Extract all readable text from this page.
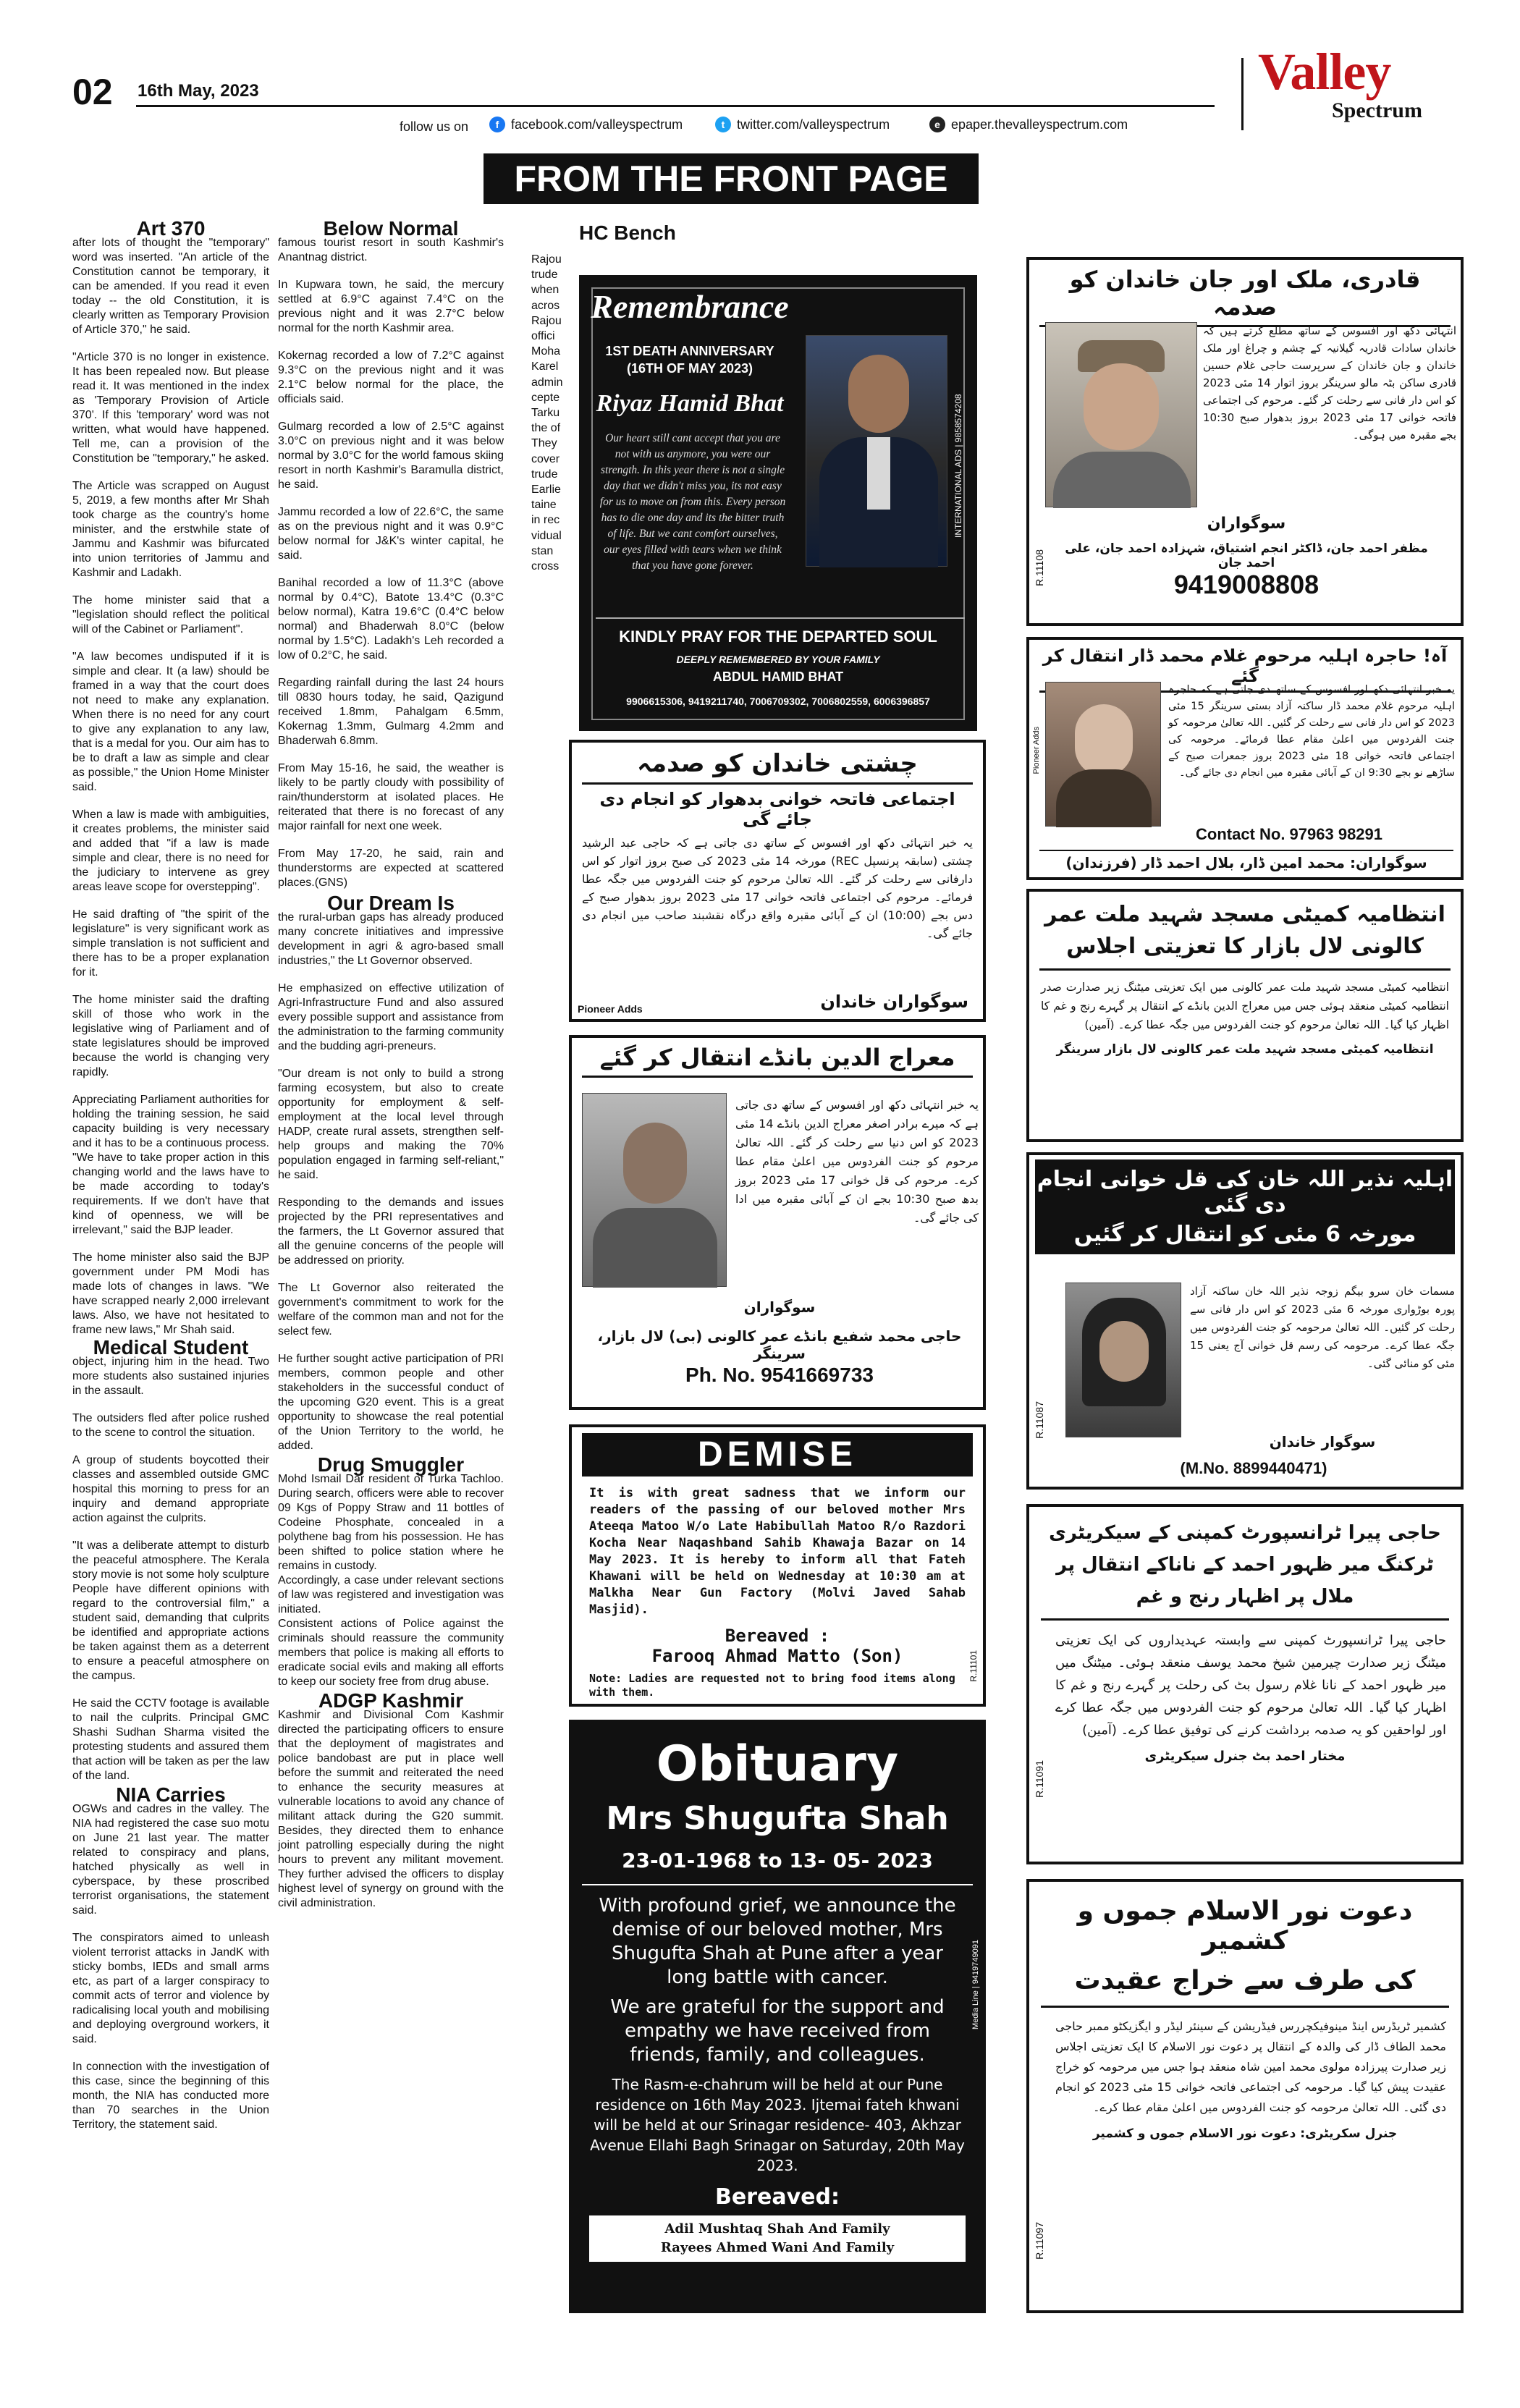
02 16th May, 2023	Valley
Spectrum
follow us on	f facebook.com/valleyspectrum	t twitter.com/valleyspectrum	e epaper.thevalleyspectrum.com
FROM THE FRONT PAGE
Art 370

after lots of thought the "temporary" word was inserted. "An article of the Constitution cannot be temporary, it can be amended. If you read it even today -- the old Constitution, it is clearly written as Temporary Provision of Article 370," he said.

"Article 370 is no longer in existence. It has been repealed now. But please read it. It was mentioned in the index as 'Temporary Provision of Article 370'. If this 'temporary' word was not written, what would have happened. Tell me, can a provision of the Constitution be "temporary," he asked.

The Article was scrapped on August 5, 2019, a few months after Mr Shah took charge as the country's home minister, and the erstwhile state of Jammu and Kashmir was bifurcated into union territories of Jammu and Kashmir and Ladakh.

The home minister said that a "legislation should reflect the political will of the Cabinet or Parliament".

"A law becomes undisputed if it is simple and clear. It (a law) should be framed in a way that the court does not need to make any explanation. When there is no need for any court to give any explanation to any law, that is a medal for you. Our aim has to be to draft a law as simple and clear as possible," the Union Home Minister said.

When a law is made with ambiguities, it creates problems, the minister said and added that "if a law is made simple and clear, there is no need for the judiciary to intervene as grey areas leave scope for overstepping".

He said drafting of "the spirit of the legislature" is very significant work as simple translation is not sufficient and there has to be a proper explanation for it.

The home minister said the drafting skill of those who work in the legislative wing of Parliament and of state legislatures should be improved because the world is changing very rapidly.

Appreciating Parliament authorities for holding the training session, he said capacity building is very necessary and it has to be a continuous process. "We have to take proper action in this changing world and the laws have to be made according to today's requirements. If we don't have that kind of openness, we will be irrelevant," said the BJP leader.

The home minister also said the BJP government under PM Modi has made lots of changes in laws. "We have scrapped nearly 2,000 irrelevant laws. Also, we have not hesitated to frame new laws," Mr Shah said.

Medical Student

object, injuring him in the head. Two more students also sustained injuries in the assault.

The outsiders fled after police rushed to the scene to control the situation.

A group of students boycotted their classes and assembled outside GMC hospital this morning to press for an inquiry and demand appropriate action against the culprits.

"It was a deliberate attempt to disturb the peaceful atmosphere. The Kerala story movie is not some holy sculpture People have different opinions with regard to the controversial film," a student said, demanding that culprits be identified and appropriate actions be taken against them as a deterrent to ensure a peaceful atmosphere on the campus.

He said the CCTV footage is available to nail the culprits. Principal GMC Shashi Sudhan Sharma visited the protesting students and assured them that action will be taken as per the law of the land.

NIA Carries

OGWs and cadres in the valley. The NIA had registered the case suo motu on June 21 last year. The matter related to conspiracy and plans, hatched physically as well in cyberspace, by these proscribed terrorist organisations, the statement said.

The conspirators aimed to unleash violent terrorist attacks in JandK with sticky bombs, IEDs and small arms etc, as part of a larger conspiracy to commit acts of terror and violence by radicalising local youth and mobilising and deploying overground workers, it said.

In connection with the investigation of this case, since the beginning of this month, the NIA has conducted more than 70 searches in the Union Territory, the statement said.

Below Normal

famous tourist resort in south Kashmir's Anantnag district.

In Kupwara town, he said, the mercury settled at 6.9°C against 7.4°C on the previous night and it was 2.7°C below normal for the north Kashmir area.

Kokernag recorded a low of 7.2°C against 9.3°C on the previous night and it was 2.1°C below normal for the place, the officials said.

Gulmarg recorded a low of 2.5°C against 3.0°C on previous night and it was below normal by 3.0°C for the world famous skiing resort in north Kashmir's Baramulla district, he said.

Jammu recorded a low of 22.6°C, the same as on the previous night and it was 0.9°C below normal for J&K's winter capital, he said.

Banihal recorded a low of 11.3°C (above normal by 0.4°C), Batote 13.4°C (0.3°C below normal), Katra 19.6°C (0.4°C below normal) and Bhaderwah 8.0°C (below normal by 1.5°C). Ladakh's Leh recorded a low of 0.2°C, he said.

Regarding rainfall during the last 24 hours till 0830 hours today, he said, Qazigund received 1.8mm, Pahalgam 6.5mm, Kokernag 1.3mm, Gulmarg 4.2mm and Bhaderwah 6.8mm.

From May 15-16, he said, the weather is likely to be partly cloudy with possibility of rain/thunderstorm at isolated places. He reiterated that there is no forecast of any major rainfall for next one week.

From May 17-20, he said, rain and thunderstorms are expected at scattered places.(GNS)

Our Dream Is

the rural-urban gaps has already produced many concrete initiatives and impressive development in agri & agro-based small industries," the Lt Governor observed.

He emphasized on effective utilization of Agri-Infrastructure Fund and also assured every possible support and assistance from the administration to the farming community and the budding agri-preneurs.

"Our dream is not only to build a strong farming ecosystem, but also to create opportunity for employment & self-employment at the local level through HADP, create rural assets, strengthen self-help groups and making the 70% population engaged in farming self-reliant," he said.

Responding to the demands and issues projected by the PRI representatives and the farmers, the Lt Governor assured that all the genuine concerns of the people will be addressed on priority.

The Lt Governor also reiterated the government's commitment to work for the welfare of the common man and not for the select few.

He further sought active participation of PRI members, common people and other stakeholders in the successful conduct of the upcoming G20 event. This is a great opportunity to showcase the real potential of the Union Territory to the world, he added.

Drug Smuggler

Mohd Ismail Dar resident of Turka Tachloo. During search, officers were able to recover 09 Kgs of Poppy Straw and 11 bottles of Codeine Phosphate, concealed in a polythene bag from his possession. He has been shifted to police station where he remains in custody.

Accordingly, a case under relevant sections of law was registered and investigation was initiated.

Consistent actions of Police against the criminals should reassure the community members that police is making all efforts to eradicate social evils and making all efforts to keep our society free from drug abuse.

ADGP Kashmir

Kashmir and Divisional Com Kashmir directed the participating officers to ensure that the deployment of magistrates and police bandobast are put in place well before the summit and reiterated the need to enhance the security measures at vulnerable locations to avoid any chance of militant attack during the G20 summit. Besides, they directed them to enhance joint patrolling especially during the night hours to prevent any militant movement. They further advised the officers to display highest level of synergy on ground with the civil administration.

HC Bench
Rajou
trude
when
acros
Rajou
offici
Moha
Karel
admin
cepte
Tarku
the of
They
cover
trude
Earlie
taine
in rec
vidual
stan
cross
Remembrance
1ST DEATH ANNIVERSARY
(16TH OF MAY 2023)
Riyaz Hamid Bhat
Our heart still cant accept that you are not with us anymore, you were our strength. In this year there is not a single day that we didn't miss you, its not easy for us to move on from this. Every person has to die one day and its the bitter truth of life. But we cant comfort ourselves, our eyes filled with tears when we think that you have gone forever.
INTERNATIONAL ADS | 9858574208
KINDLY PRAY FOR THE DEPARTED SOUL
DEEPLY REMEMBERED BY YOUR FAMILY
ABDUL HAMID BHAT
9906615306, 9419211740, 7006709302, 7006802559, 6006396857
چشتی خاندان کو صدمہ
اجتماعی فاتحہ خوانی بدھوار کو انجام دی جائے گی
یہ خبر انتہائی دکھ اور افسوس کے ساتھ دی جاتی ہے کہ حاجی عبد الرشید چشتی (سابقہ پرنسپل REC) مورخہ 14 مئی 2023 کی صبح بروز اتوار کو اس دارفانی سے رحلت کر گئے۔ اللہ تعالیٰ مرحوم کو جنت الفردوس میں جگہ عطا فرمائے۔ مرحوم کی اجتماعی فاتحہ خوانی 17 مئی 2023 بروز بدھوار صبح کے دس بجے (10:00) ان کے آبائی مقبرہ واقع درگاہ نقشبند صاحب میں انجام دی جائے گی۔
سوگواران خاندان
Pioneer Adds
معراج الدین بانڈے انتقال کر گئے
یہ خبر انتہائی دکھ اور افسوس کے ساتھ دی جاتی ہے کہ میرے برادر اصغر معراج الدین بانڈے 14 مئی 2023 کو اس دنیا سے رحلت کر گئے۔ اللہ تعالیٰ مرحوم کو جنت الفردوس میں اعلیٰ مقام عطا کرے۔ مرحوم کی قل خوانی 17 مئی 2023 بروز بدھ صبح 10:30 بجے ان کے آبائی مقبرہ میں ادا کی جائے گی۔
سوگواران
حاجی محمد شفیع بانڈے عمر کالونی (بی) لال بازار، سرینگر
Ph. No. 9541669733
DEMISE
It is with great sadness that we inform our readers of the passing of our beloved mother Mrs Ateeqa Matoo W/o Late Habibullah Matoo R/o Razdori Kocha Near Naqashband Sahib Khawaja Bazar on 14 May 2023. It is hereby to inform all that Fateh Khawani will be held on Wednesday at 10:30 am at Malkha Near Gun Factory (Molvi Javed Sahab Masjid).
Bereaved :
Farooq Ahmad Matto (Son)
Note: Ladies are requested not to bring food items along with them.
R.11101
Obituary
Mrs Shugufta Shah
23-01-1968 to 13- 05- 2023
With profound grief, we announce the demise of our beloved mother, Mrs Shugufta Shah at Pune after a year long battle with cancer.
We are grateful for the support and empathy we have received from friends, family, and colleagues.
The Rasm-e-chahrum will be held at our Pune residence on 16th May 2023. Ijtemai fateh khwani will be held at our Srinagar residence- 403, Akhzar Avenue Ellahi Bagh Srinagar on Saturday, 20th May 2023.
Bereaved:
Adil Mushtaq Shah And Family
Rayees Ahmed Wani And Family
Media Line | 9419749091
قادری، ملک اور جان خاندان کو صدمہ
انتہائی دکھ اور افسوس کے ساتھ مطلع کرتے ہیں کہ خاندان سادات قادریہ گیلانیہ کے چشم و چراغ اور ملک خاندان و جان خاندان کے سرپرست حاجی غلام حسین قادری ساکن بٹہ مالو سرینگر بروز اتوار 14 مئی 2023 کو اس دار فانی سے رحلت کر گئے۔ مرحوم کی اجتماعی فاتحہ خوانی 17 مئی 2023 بروز بدھوار صبح 10:30 بجے مقبرہ میں ہوگی۔
سوگواران
مظفر احمد جان، ڈاکٹر انجم اشتیاق، شہزادہ احمد جان، علی احمد جان
9419008808
R.11108
آہ! حاجرہ اہلیہ مرحوم غلام محمد ڈار انتقال کر گئے
یہ خبر انتہائی دکھ اور افسوس کے ساتھ دی جاتی ہے کہ حاجرہ اہلیہ مرحوم غلام محمد ڈار ساکنہ آزاد بستی سرینگر 15 مئی 2023 کو اس دار فانی سے رحلت کر گئیں۔ اللہ تعالیٰ مرحومہ کو جنت الفردوس میں اعلیٰ مقام عطا فرمائے۔ مرحومہ کی اجتماعی فاتحہ خوانی 18 مئی 2023 بروز جمعرات صبح کے ساڑھے نو بجے 9:30 ان کے آبائی مقبرہ میں انجام دی جائے گی۔
Contact No. 97963 98291
سوگواران: محمد امین ڈار، بلال احمد ڈار (فرزندان)
Pioneer Adds
انتظامیہ کمیٹی مسجد شہید ملت عمر کالونی لال بازار کا تعزیتی اجلاس
انتظامیہ کمیٹی مسجد شہید ملت عمر کالونی میں ایک تعزیتی میٹنگ زیر صدارت صدر انتظامیہ کمیٹی منعقد ہوئی جس میں معراج الدین بانڈے کے انتقال پر گہرے رنج و غم کا اظہار کیا گیا۔ اللہ تعالیٰ مرحوم کو جنت الفردوس میں جگہ عطا کرے۔ (آمین)
انتظامیہ کمیٹی مسجد شہید ملت عمر کالونی لال بازار سرینگر
اہلیہ نذیر اللہ خان کی قل خوانی انجام دی گئی
مورخہ 6 مئی کو انتقال کر گئیں
مسمات خان سرو بیگم زوجہ نذیر اللہ خان ساکنہ آزاد پورہ بوڑواری مورخہ 6 مئی 2023 کو اس دار فانی سے رحلت کر گئیں۔ اللہ تعالیٰ مرحومہ کو جنت الفردوس میں جگہ عطا کرے۔ مرحومہ کی رسم قل خوانی آج یعنی 15 مئی کو منائی گئی۔
سوگوار خاندان
(M.No. 8899440471)
R.11087
حاجی پیرا ٹرانسپورٹ کمپنی کے سیکریٹری ٹرکنگ میر ظہور احمد کے ناناکے انتقال پر ملال پر اظہار رنج و غم
حاجی پیرا ٹرانسپورٹ کمپنی سے وابستہ عہدیداروں کی ایک تعزیتی میٹنگ زیر صدارت چیرمین شیخ محمد یوسف منعقد ہوئی۔ میٹنگ میں میر ظہور احمد کے نانا غلام رسول بٹ کی رحلت پر گہرے رنج و غم کا اظہار کیا گیا۔ اللہ تعالیٰ مرحوم کو جنت الفردوس میں جگہ عطا کرے اور لواحقین کو یہ صدمہ برداشت کرنے کی توفیق عطا کرے۔ (آمین)
مختار احمد بٹ جنرل سیکریٹری
R.11091
دعوت نور الاسلام جموں و کشمیر
کی طرف سے خراج عقیدت
کشمیر ٹریڈرس اینڈ مینوفیکچررس فیڈریشن کے سینئر لیڈر و ایگزیکٹو ممبر حاجی محمد الطاف ڈار کی والدہ کے انتقال پر دعوت نور الاسلام کا ایک تعزیتی اجلاس زیر صدارت پیرزادہ مولوی محمد امین شاہ منعقد ہوا جس میں مرحومہ کو خراج عقیدت پیش کیا گیا۔ مرحومہ کی اجتماعی فاتحہ خوانی 15 مئی 2023 کو انجام دی گئی۔ اللہ تعالیٰ مرحومہ کو جنت الفردوس میں اعلیٰ مقام عطا کرے۔
جنرل سکریٹری: دعوت نور الاسلام جموں و کشمیر
R.11097
